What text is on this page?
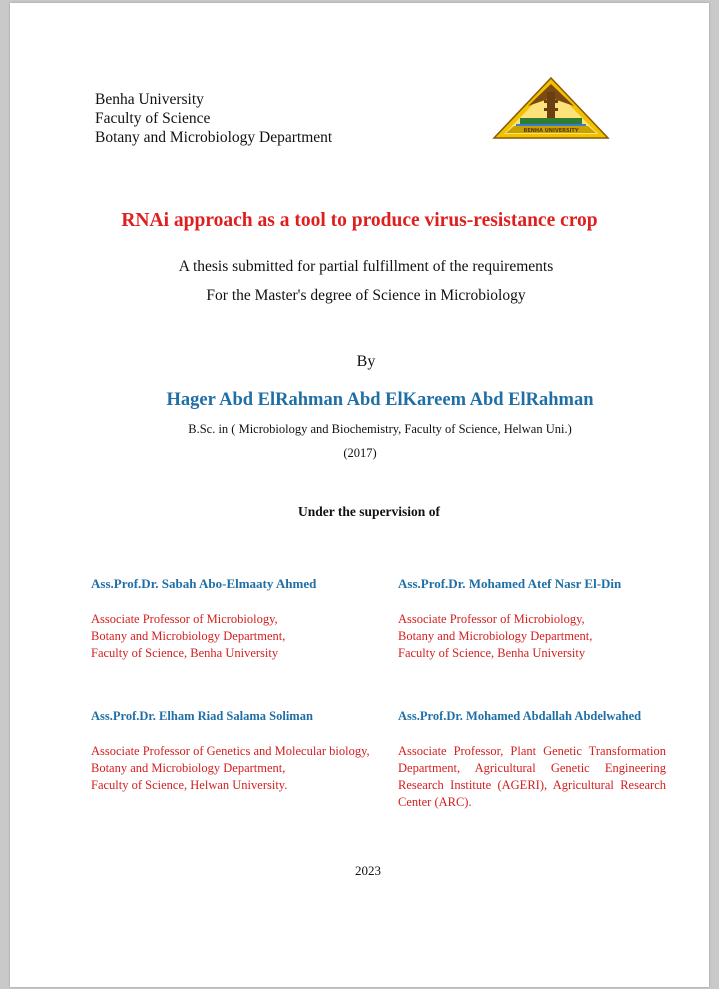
Benha University
Faculty of Science
Botany and Microbiology Department	BENHA UNIVERSITY
RNAi approach as a tool to produce virus-resistance crop
A thesis submitted for partial fulfillment of the requirements
For the Master's degree of Science in Microbiology
By
Hager Abd ElRahman Abd ElKareem Abd ElRahman
B.Sc. in ( Microbiology and Biochemistry, Faculty of Science, Helwan Uni.)
(2017)
Under the supervision of
Ass.Prof.Dr. Sabah Abo-Elmaaty Ahmed
Associate Professor of Microbiology,
Botany and Microbiology Department,
Faculty of Science, Benha University
Ass.Prof.Dr. Mohamed Atef Nasr El-Din
Associate Professor of Microbiology,
Botany and Microbiology Department,
Faculty of Science, Benha University
Ass.Prof.Dr. Elham Riad Salama Soliman
Associate Professor of Genetics and Molecular biology,
Botany and Microbiology Department,
Faculty of Science, Helwan University.
Ass.Prof.Dr. Mohamed Abdallah Abdelwahed
Associate Professor, Plant Genetic Transformation Department, Agricultural Genetic Engineering Research Institute (AGERI), Agricultural Research Center (ARC).
2023
